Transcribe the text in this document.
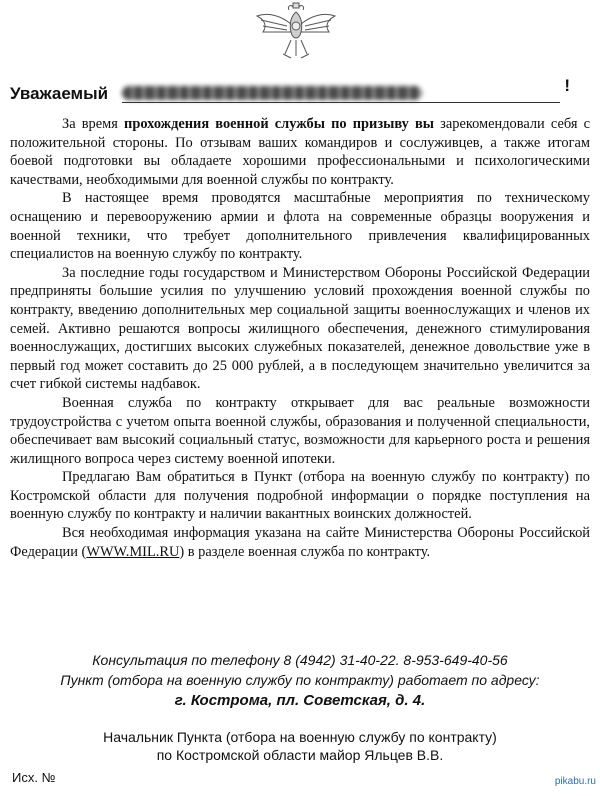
Уважаемый	!

За время прохождения военной службы по призыву вы зарекомендовали себя с положительной стороны. По отзывам ваших командиров и сослуживцев, а также итогам боевой подготовки вы обладаете хорошими профессиональными и психологическими качествами, необходимыми для военной службы по контракту.

В настоящее время проводятся масштабные мероприятия по техническому оснащению и перевооружению армии и флота на современные образцы вооружения и военной техники, что требует дополнительного привлечения квалифицированных специалистов на военную службу по контракту.

За последние годы государством и Министерством Обороны Российской Федерации предприняты большие усилия по улучшению условий прохождения военной службы по контракту, введению дополнительных мер социальной защиты военнослужащих и членов их семей. Активно решаются вопросы жилищного обеспечения, денежного стимулирования военнослужащих, достигших высоких служебных показателей, денежное довольствие уже в первый год может составить до 25 000 рублей, а в последующем значительно увеличится за счет гибкой системы надбавок.

Военная служба по контракту открывает для вас реальные возможности трудоустройства с учетом опыта военной службы, образования и полученной специальности, обеспечивает вам высокий социальный статус, возможности для карьерного роста и решения жилищного вопроса через систему военной ипотеки.

Предлагаю Вам обратиться в Пункт (отбора на военную службу по контракту) по Костромской области для получения подробной информации о порядке поступления на военную службу по контракту и наличии вакантных воинских должностей.

Вся необходимая информация указана на сайте Министерства Обороны Российской Федерации (WWW.MIL.RU) в разделе военная служба по контракту.

Консультация по телефону 8 (4942) 31-40-22. 8-953-649-40-56
Пункт (отбора на военную службу по контракту) работает по адресу:
г. Кострома, пл. Советская, д. 4.
Начальник Пункта (отбора на военную службу по контракту)
по Костромской области майор Яльцев В.В.
Исх. №	pikabu.ru
